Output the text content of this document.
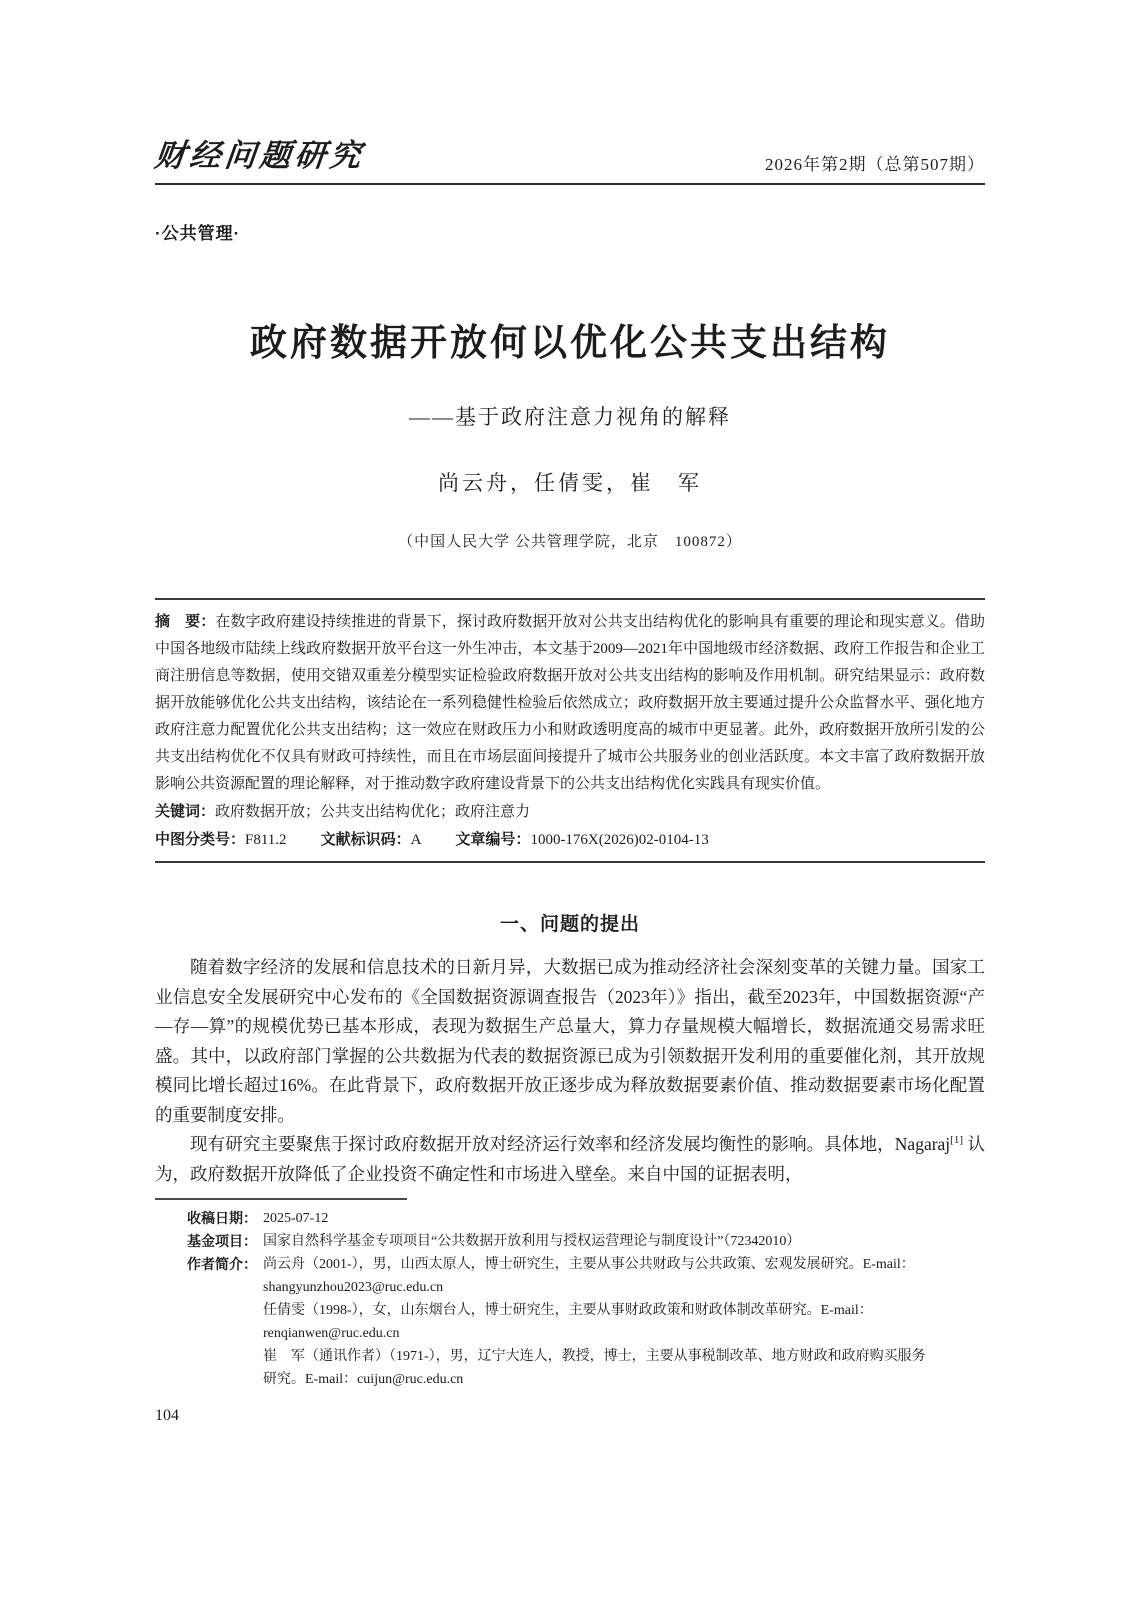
财经问题研究	2026年第2期（总第507期）
·公共管理·
政府数据开放何以优化公共支出结构
——基于政府注意力视角的解释
尚云舟，任倩雯，崔　军
（中国人民大学 公共管理学院，北京　100872）

摘　要：在数字政府建设持续推进的背景下，探讨政府数据开放对公共支出结构优化的影响具有重要的理论和现实意义。借助中国各地级市陆续上线政府数据开放平台这一外生冲击，本文基于2009—2021年中国地级市经济数据、政府工作报告和企业工商注册信息等数据，使用交错双重差分模型实证检验政府数据开放对公共支出结构的影响及作用机制。研究结果显示：政府数据开放能够优化公共支出结构，该结论在一系列稳健性检验后依然成立；政府数据开放主要通过提升公众监督水平、强化地方政府注意力配置优化公共支出结构；这一效应在财政压力小和财政透明度高的城市中更显著。此外，政府数据开放所引发的公共支出结构优化不仅具有财政可持续性，而且在市场层面间接提升了城市公共服务业的创业活跃度。本文丰富了政府数据开放影响公共资源配置的理论解释，对于推动数字政府建设背景下的公共支出结构优化实践具有现实价值。

关键词：政府数据开放；公共支出结构优化；政府注意力

中图分类号：F811.2 文献标识码：A 文章编号：1000-176X(2026)02-0104-13

一、问题的提出

随着数字经济的发展和信息技术的日新月异，大数据已成为推动经济社会深刻变革的关键力量。国家工业信息安全发展研究中心发布的《全国数据资源调查报告（2023年）》指出，截至2023年，中国数据资源“产—存—算”的规模优势已基本形成，表现为数据生产总量大，算力存量规模大幅增长，数据流通交易需求旺盛。其中，以政府部门掌握的公共数据为代表的数据资源已成为引领数据开发利用的重要催化剂，其开放规模同比增长超过16%。在此背景下，政府数据开放正逐步成为释放数据要素价值、推动数据要素市场化配置的重要制度安排。

现有研究主要聚焦于探讨政府数据开放对经济运行效率和经济发展均衡性的影响。具体地，Nagaraj[1] 认为，政府数据开放降低了企业投资不确定性和市场进入壁垒。来自中国的证据表明，

收稿日期： 2025-07-12
基金项目： 国家自然科学基金专项项目“公共数据开放利用与授权运营理论与制度设计”（72342010）
作者简介： 尚云舟（2001-），男，山西太原人，博士研究生，主要从事公共财政与公共政策、宏观发展研究。E-mail：
shangyunzhou2023@ruc.edu.cn
任倩雯（1998-），女，山东烟台人，博士研究生，主要从事财政政策和财政体制改革研究。E-mail：
renqianwen@ruc.edu.cn
崔　军（通讯作者）（1971-），男，辽宁大连人，教授，博士，主要从事税制改革、地方财政和政府购买服务
研究。E-mail：cuijun@ruc.edu.cn
104
